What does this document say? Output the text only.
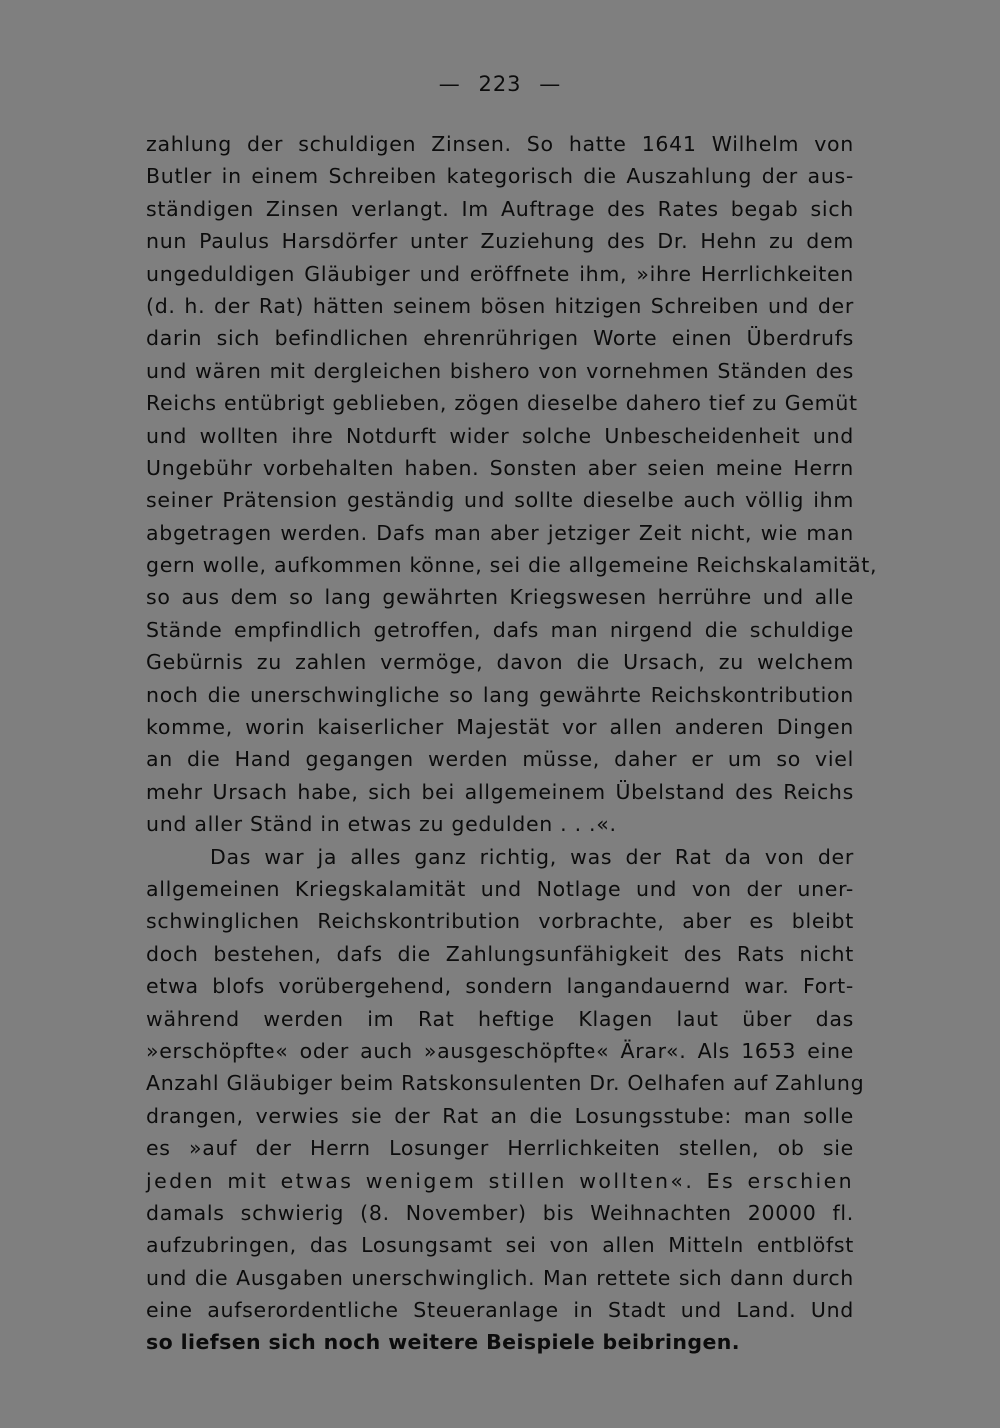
— 223 —
zahlung der schuldigen Zinsen. So hatte 1641 Wilhelm von
Butler in einem Schreiben kategorisch die Auszahlung der aus-
ständigen Zinsen verlangt. Im Auftrage des Rates begab sich
nun Paulus Harsdörfer unter Zuziehung des Dr. Hehn zu dem
ungeduldigen Gläubiger und eröffnete ihm, »ihre Herrlichkeiten
(d. h. der Rat) hätten seinem bösen hitzigen Schreiben und der
darin sich befindlichen ehrenrührigen Worte einen Überdrufs
und wären mit dergleichen bishero von vornehmen Ständen des
Reichs entübrigt geblieben, zögen dieselbe dahero tief zu Gemüt
und wollten ihre Notdurft wider solche Unbescheidenheit und
Ungebühr vorbehalten haben. Sonsten aber seien meine Herrn
seiner Prätension geständig und sollte dieselbe auch völlig ihm
abgetragen werden. Dafs man aber jetziger Zeit nicht, wie man
gern wolle, aufkommen könne, sei die allgemeine Reichskalamität,
so aus dem so lang gewährten Kriegswesen herrühre und alle
Stände empfindlich getroffen, dafs man nirgend die schuldige
Gebürnis zu zahlen vermöge, davon die Ursach, zu welchem
noch die unerschwingliche so lang gewährte Reichskontribution
komme, worin kaiserlicher Majestät vor allen anderen Dingen
an die Hand gegangen werden müsse, daher er um so viel
mehr Ursach habe, sich bei allgemeinem Übelstand des Reichs
und aller Ständ in etwas zu gedulden . . .«.
Das war ja alles ganz richtig, was der Rat da von der
allgemeinen Kriegskalamität und Notlage und von der uner-
schwinglichen Reichskontribution vorbrachte, aber es bleibt
doch bestehen, dafs die Zahlungsunfähigkeit des Rats nicht
etwa blofs vorübergehend, sondern langandauernd war. Fort-
während werden im Rat heftige Klagen laut über das
»erschöpfte« oder auch »ausgeschöpfte« Ärar«. Als 1653 eine
Anzahl Gläubiger beim Ratskonsulenten Dr. Oelhafen auf Zahlung
drangen, verwies sie der Rat an die Losungsstube: man solle
es »auf der Herrn Losunger Herrlichkeiten stellen, ob sie
jeden mit etwas wenigem stillen wollten«. Es erschien
damals schwierig (8. November) bis Weihnachten 20000 fl.
aufzubringen, das Losungsamt sei von allen Mitteln entblöfst
und die Ausgaben unerschwinglich. Man rettete sich dann durch
eine aufserordentliche Steueranlage in Stadt und Land. Und
so liefsen sich noch weitere Beispiele beibringen.
